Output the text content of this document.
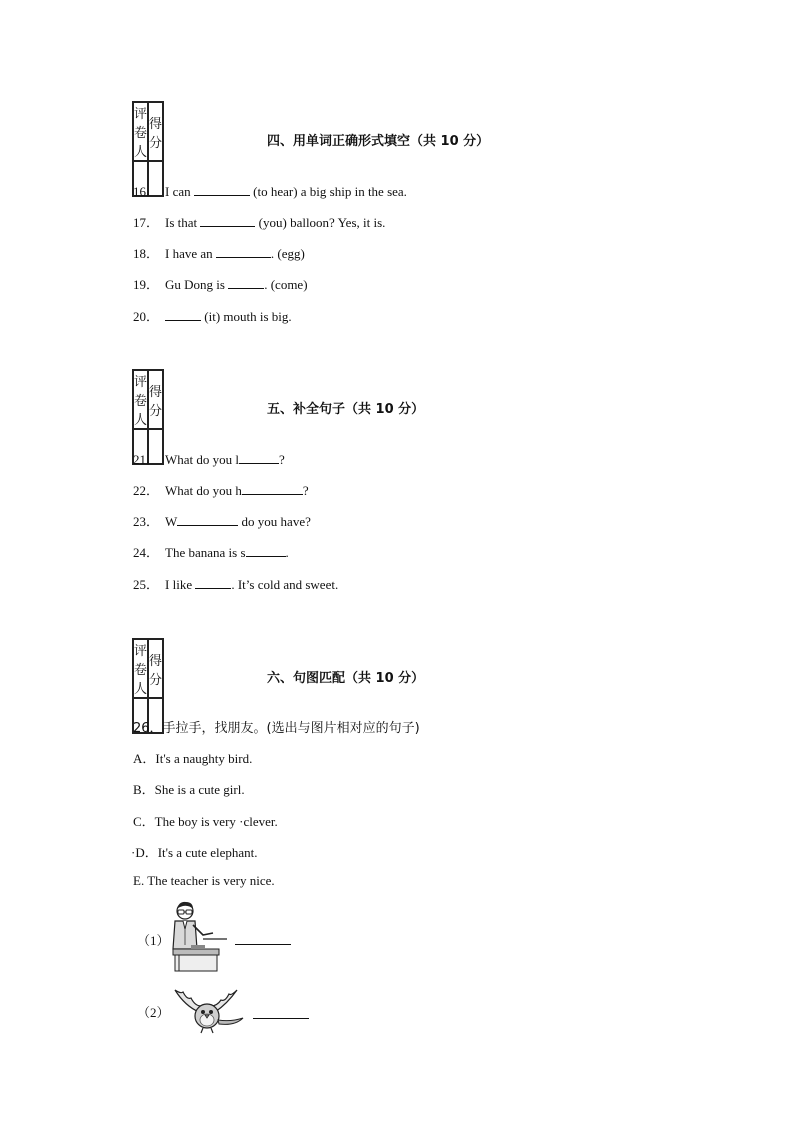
评卷人	得分
		四、用单词正确形式填空（共 10 分）
16． I can	(to hear) a big ship in the sea.
17． Is that	(you) balloon? Yes, it is.
18． I have an	. (egg)
19． Gu Dong is	. (come)
20．	(it) mouth is big.
评卷人	得分
		五、补全句子（共 10 分）
21． What do you l	?
22． What do you h	?
23． W	do you have?
24． The banana is s	.
25． I like	. It’s cold and sweet.
评卷人	得分
		六、句图匹配（共 10 分）
26．手拉手，找朋友。(选出与图片相对应的句子)
A．It's a naughty bird.
B．She is a cute girl.
C．The boy is very ·clever.
·D．It's a cute elephant.
E. The teacher is very nice.
（1）
（2）
